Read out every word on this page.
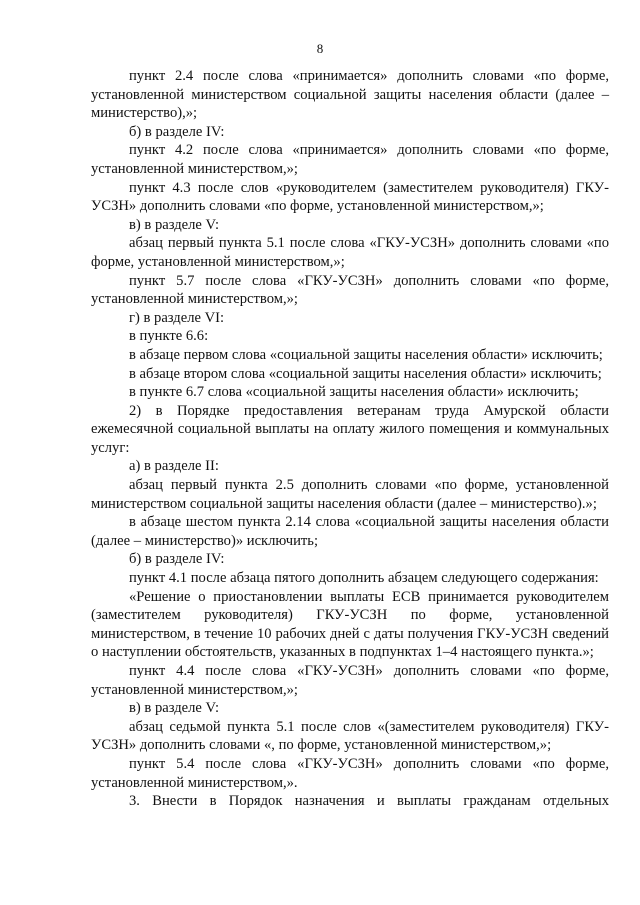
8

пункт 2.4 после слова «принимается» дополнить словами «по форме, установленной министерством социальной защиты населения области (далее – министерство),»;

б) в разделе IV:

пункт 4.2 после слова «принимается» дополнить словами «по форме, установленной министерством,»;

пункт 4.3 после слов «руководителем (заместителем руководителя) ГКУ-УСЗН» дополнить словами «по форме, установленной министерством,»;

в) в разделе V:

абзац первый пункта 5.1 после слова «ГКУ-УСЗН» дополнить словами «по форме, установленной министерством,»;

пункт 5.7 после слова «ГКУ-УСЗН» дополнить словами «по форме, установленной министерством,»;

г) в разделе VI:

в пункте 6.6:

в абзаце первом слова «социальной защиты населения области» исключить;

в абзаце втором слова «социальной защиты населения области» исключить;

в пункте 6.7 слова «социальной защиты населения области» исключить;

2) в Порядке предоставления ветеранам труда Амурской области ежемесячной социальной выплаты на оплату жилого помещения и коммунальных услуг:

а) в разделе II:

абзац первый пункта 2.5 дополнить словами «по форме, установленной министерством социальной защиты населения области (далее – министерство).»;

в абзаце шестом пункта 2.14 слова «социальной защиты населения области (далее – министерство)» исключить;

б) в разделе IV:

пункт 4.1 после абзаца пятого дополнить абзацем следующего содержания:

«Решение о приостановлении выплаты ЕСВ принимается руководителем (заместителем руководителя) ГКУ-УСЗН по форме, установленной министерством, в течение 10 рабочих дней с даты получения ГКУ-УСЗН сведений о наступлении обстоятельств, указанных в подпунктах 1–4 настоящего пункта.»;

пункт 4.4 после слова «ГКУ-УСЗН» дополнить словами «по форме, установленной министерством,»;

в) в разделе V:

абзац седьмой пункта 5.1 после слов «(заместителем руководителя) ГКУ-УСЗН» дополнить словами «, по форме, установленной министерством,»;

пункт 5.4 после слова «ГКУ-УСЗН» дополнить словами «по форме, установленной министерством,».

3. Внести в Порядок назначения и выплаты гражданам отдельных
